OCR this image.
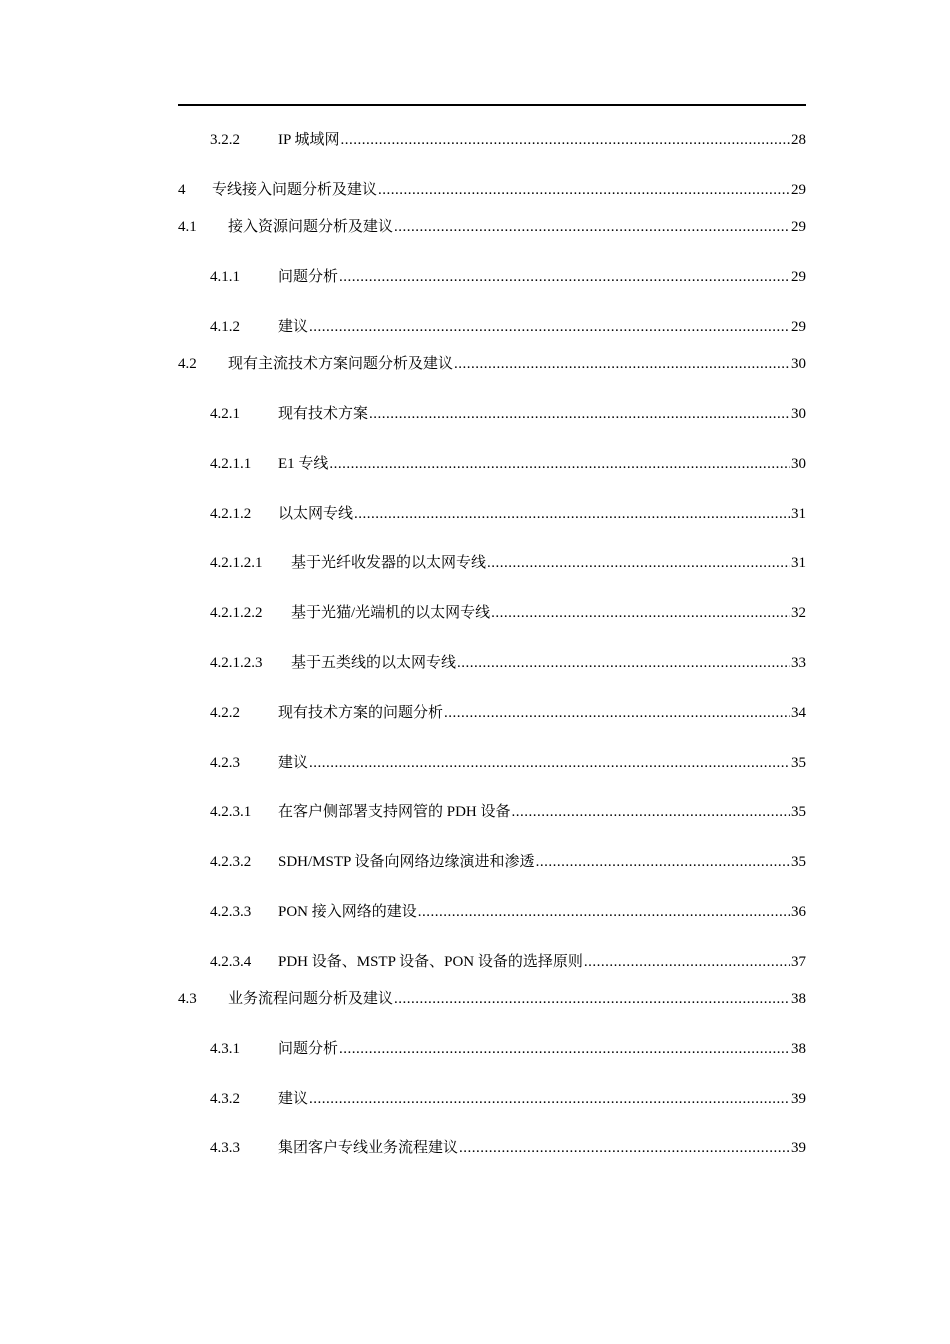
3.2.2	IP 城域网 .....	28
4	专线接入问题分析及建议 .....	29
4.1	接入资源问题分析及建议 .....	29
4.1.1	问题分析 .....	29
4.1.2	建议 .....	29
4.2	现有主流技术方案问题分析及建议 .....	30
4.2.1	现有技术方案 .....	30
4.2.1.1	E1 专线 .....	30
4.2.1.2	以太网专线 .....	31
4.2.1.2.1	基于光纤收发器的以太网专线 .....	31
4.2.1.2.2	基于光猫/光端机的以太网专线 .....	32
4.2.1.2.3	基于五类线的以太网专线 .....	33
4.2.2	现有技术方案的问题分析 .....	34
4.2.3	建议 .....	35
4.2.3.1	在客户侧部署支持网管的 PDH 设备 .....	35
4.2.3.2	SDH/MSTP 设备向网络边缘演进和渗透 .....	35
4.2.3.3	PON 接入网络的建设 .....	36
4.2.3.4	PDH 设备、MSTP 设备、PON 设备的选择原则 .....	37
4.3	业务流程问题分析及建议 .....	38
4.3.1	问题分析 .....	38
4.3.2	建议 .....	39
4.3.3	集团客户专线业务流程建议 .....	39
